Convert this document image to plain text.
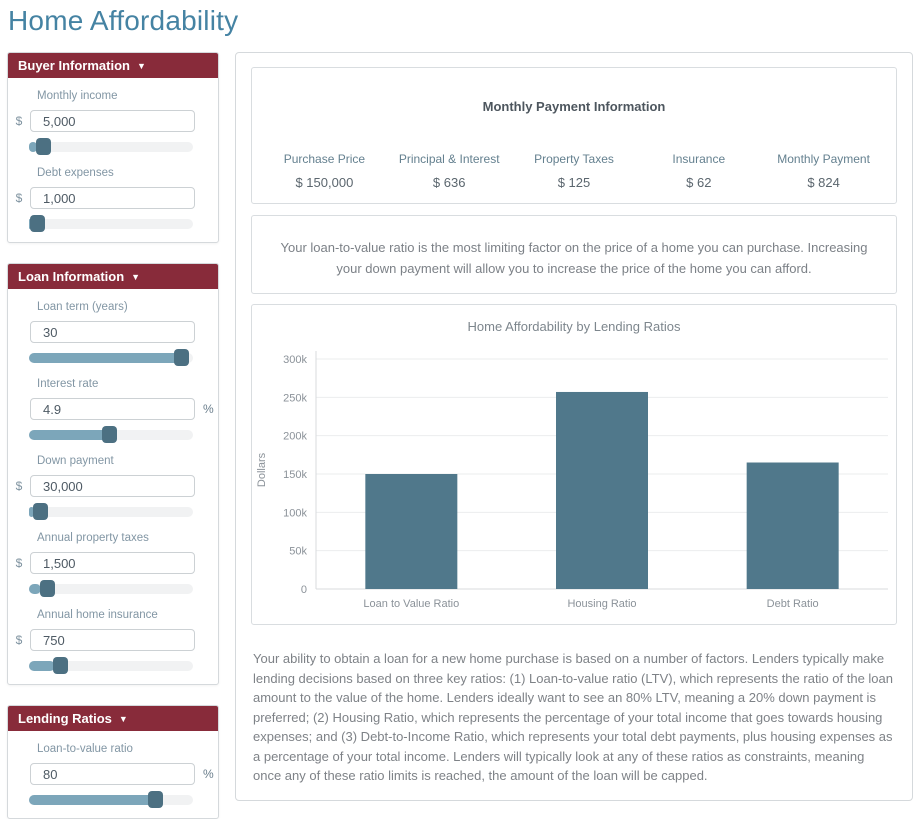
Home Affordability
Buyer Information ▼
Monthly income
$
5,000
Debt expenses
$
1,000
Loan Information ▼
Loan term (years)
30
Interest rate
4.9
%
Down payment
$
30,000
Annual property taxes
$
1,500
Annual home insurance
$
750
Lending Ratios ▼
Loan-to-value ratio
80
%
Monthly Payment Information
Purchase Price
$ 150,000
Principal & Interest
$ 636
Property Taxes
$ 125
Insurance
$ 62
Monthly Payment
$ 824
Your loan-to-value ratio is the most limiting factor on the price of a home you can purchase. Increasing your down payment will allow you to increase the price of the home you can afford.
Home Affordability by Lending Ratios
0
50k
100k
150k
200k
250k
300k
Loan to Value Ratio	Housing Ratio	Debt Ratio
Dollars

Your ability to obtain a loan for a new home purchase is based on a number of factors. Lenders typically make lending decisions based on three key ratios: (1) Loan-to-value ratio (LTV), which represents the ratio of the loan amount to the value of the home. Lenders ideally want to see an 80% LTV, meaning a 20% down payment is preferred; (2) Housing Ratio, which represents the percentage of your total income that goes towards housing expenses; and (3) Debt-to-Income Ratio, which represents your total debt payments, plus housing expenses as a percentage of your total income. Lenders will typically look at any of these ratios as constraints, meaning once any of these ratio limits is reached, the amount of the loan will be capped.
